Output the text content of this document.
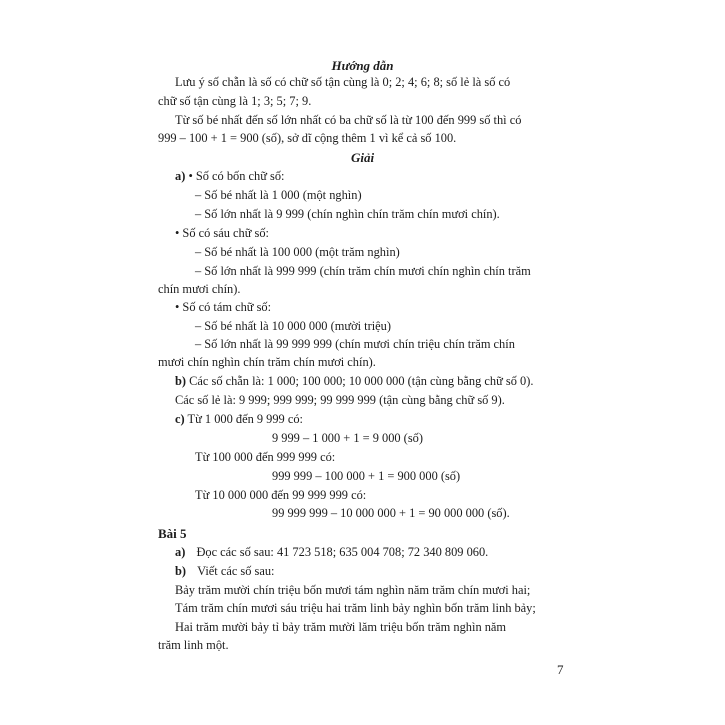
Hướng dẫn
Lưu ý số chẵn là số có chữ số tận cùng là 0; 2; 4; 6; 8; số lẻ là số có
chữ số tận cùng là 1; 3; 5; 7; 9.
Từ số bé nhất đến số lớn nhất có ba chữ số là từ 100 đến 999 số thì có
999 – 100 + 1 = 900 (số), sở dĩ cộng thêm 1 vì kể cả số 100.
Giải
a) • Số có bốn chữ số:
– Số bé nhất là 1 000 (một nghìn)
– Số lớn nhất là 9 999 (chín nghìn chín trăm chín mươi chín).
• Số có sáu chữ số:
– Số bé nhất là 100 000 (một trăm nghìn)
– Số lớn nhất là 999 999 (chín trăm chín mươi chín nghìn chín trăm
chín mươi chín).
• Số có tám chữ số:
– Số bé nhất là 10 000 000 (mười triệu)
– Số lớn nhất là 99 999 999 (chín mươi chín triệu chín trăm chín
mươi chín nghìn chín trăm chín mươi chín).
b) Các số chẵn là: 1 000; 100 000; 10 000 000 (tận cùng bằng chữ số 0).
Các số lẻ là: 9 999; 999 999; 99 999 999 (tận cùng bằng chữ số 9).
c) Từ 1 000 đến 9 999 có:
9 999 – 1 000 + 1 = 9 000 (số)
Từ 100 000 đến 999 999 có:
999 999 – 100 000 + 1 = 900 000 (số)
Từ 10 000 000 đến 99 999 999 có:
99 999 999 – 10 000 000 + 1 = 90 000 000 (số).
Bài 5
a) Đọc các số sau: 41 723 518; 635 004 708; 72 340 809 060.
b) Viết các số sau:
Bảy trăm mười chín triệu bốn mươi tám nghìn năm trăm chín mươi hai;
Tám trăm chín mươi sáu triệu hai trăm linh bảy nghìn bốn trăm linh bảy;
Hai trăm mười bảy tỉ bảy trăm mười lăm triệu bốn trăm nghìn năm
trăm linh một.
7
